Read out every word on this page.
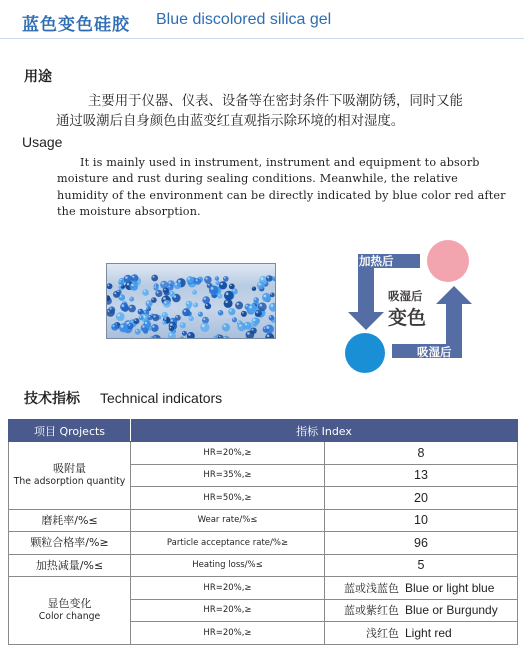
蓝色变色硅胶 Blue discolored silica gel
用途
主要用于仪器、仪表、设备等在密封条件下吸潮防锈，同时又能
通过吸潮后自身颜色由蓝变红直观指示除环境的相对湿度。
Usage
It is mainly used in instrument, instrument and equipment to absorb
moisture and rust during sealing conditions. Meanwhile, the relative
humidity of the environment can be directly indicated by blue color red after
the moisture absorption.
加热后
吸湿后
变色
吸湿后
技术指标 Technical indicators
项目 Qrojects	指标 Index	
吸附量
The adsorption quantity	HR=20%,≥	8
	HR=35%,≥	13
	HR=50%,≥	20
磨耗率/%≤	Wear rate/%≤	10
颗粒合格率/%≥	Particle acceptance rate/%≥	96
加热减量/%≤	Heating loss/%≤	5
显色变化
Color change	HR=20%,≥	蓝或浅蓝色 Blue or light blue
	HR=20%,≥	蓝或紫红色 Blue or Burgundy
	HR=20%,≥	浅红色 Light red
